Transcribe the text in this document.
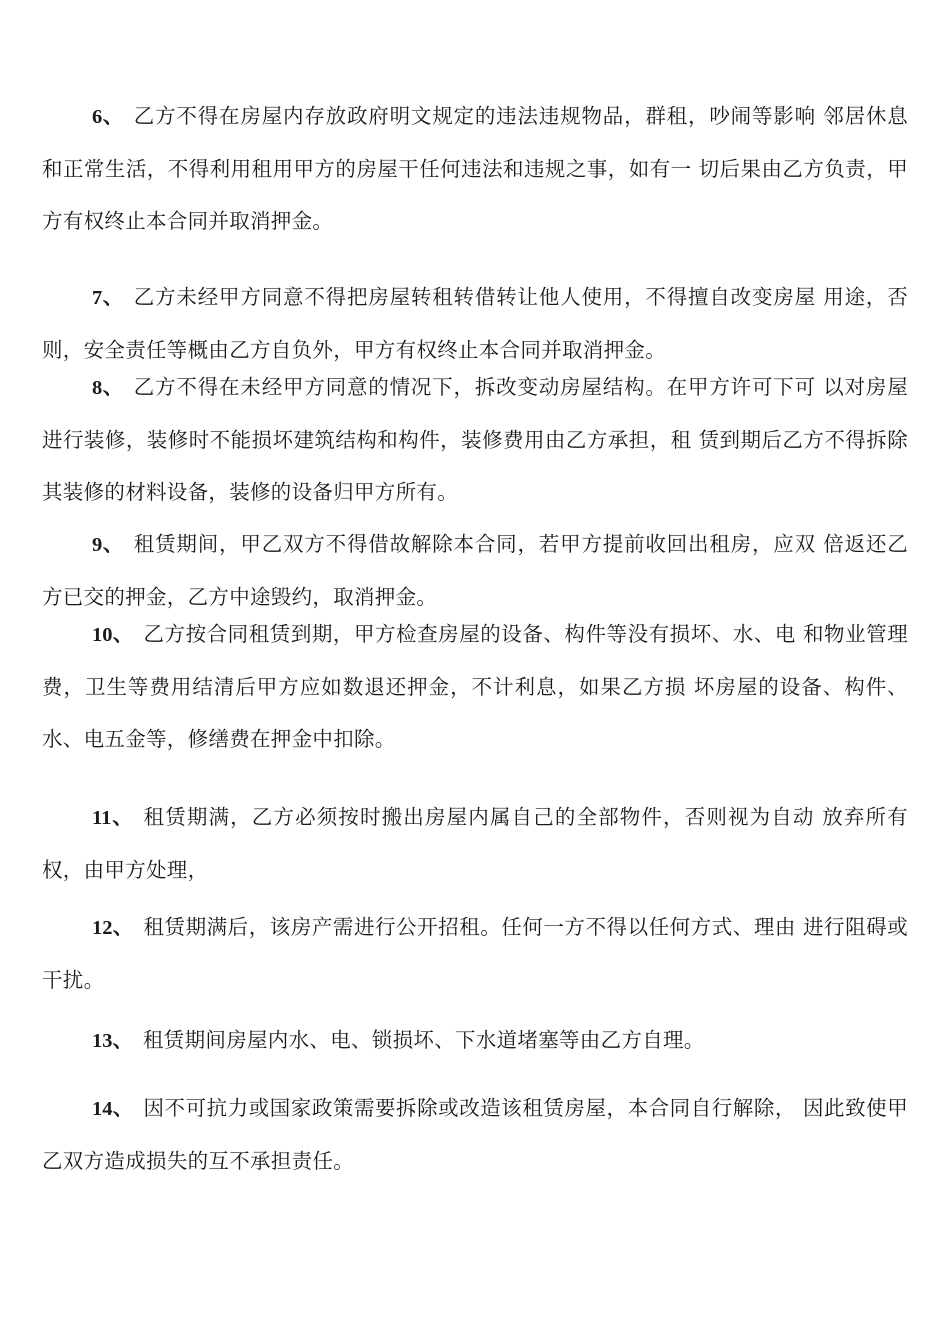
6、 乙方不得在房屋内存放政府明文规定的违法违规物品，群租，吵闹等影响 邻居休息和正常生活，不得利用租用甲方的房屋干任何违法和违规之事，如有一 切后果由乙方负责，甲方有权终止本合同并取消押金。

7、 乙方未经甲方同意不得把房屋转租转借转让他人使用，不得擅自改变房屋 用途，否则，安全责任等概由乙方自负外，甲方有权终止本合同并取消押金。

8、 乙方不得在未经甲方同意的情况下，拆改变动房屋结构。在甲方许可下可 以对房屋进行装修，装修时不能损坏建筑结构和构件，装修费用由乙方承担，租 赁到期后乙方不得拆除其装修的材料设备，装修的设备归甲方所有。

9、 租赁期间，甲乙双方不得借故解除本合同，若甲方提前收回出租房，应双 倍返还乙方已交的押金，乙方中途毁约，取消押金。

10、 乙方按合同租赁到期，甲方检查房屋的设备、构件等没有损坏、水、电 和物业管理费，卫生等费用结清后甲方应如数退还押金，不计利息，如果乙方损 坏房屋的设备、构件、水、电五金等，修缮费在押金中扣除。

11、 租赁期满，乙方必须按时搬出房屋内属自己的全部物件，否则视为自动 放弃所有权，由甲方处理，

12、 租赁期满后，该房产需进行公开招租。任何一方不得以任何方式、理由 进行阻碍或干扰。

13、 租赁期间房屋内水、电、锁损坏、下水道堵塞等由乙方自理。

14、 因不可抗力或国家政策需要拆除或改造该租赁房屋，本合同自行解除， 因此致使甲乙双方造成损失的互不承担责任。
